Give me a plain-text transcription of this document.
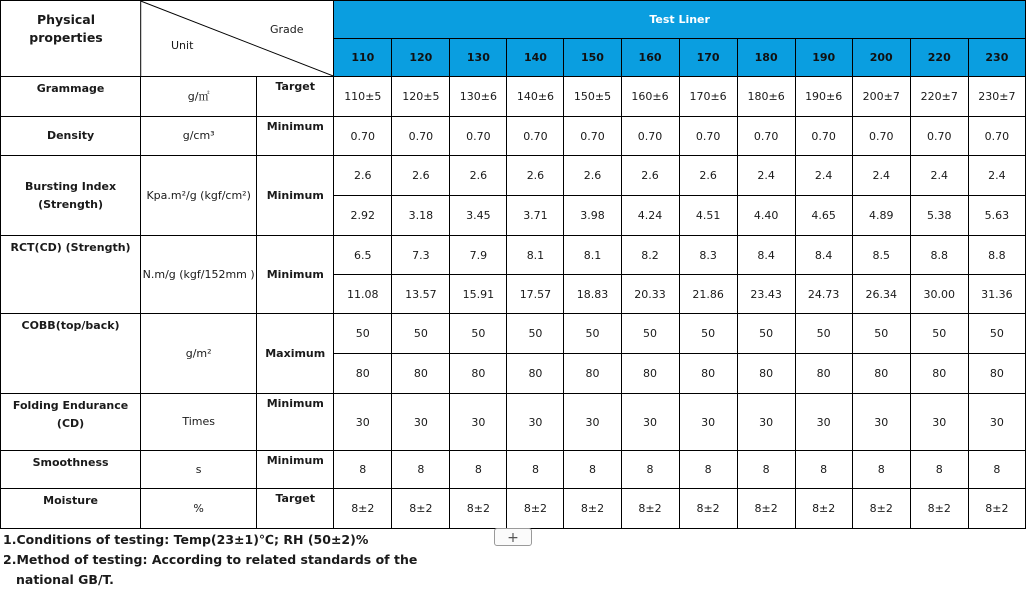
Physical properties
Unit
Grade			Test Liner											
			110	120	130	140	150	160	170	180	190	200	220	230
Grammage	g/㎡	Target	110±5	120±5	130±6	140±6	150±5	160±6	170±6	180±6	190±6	200±7	220±7	230±7
Density	g/cm³	Minimum	0.70	0.70	0.70	0.70	0.70	0.70	0.70	0.70	0.70	0.70	0.70	0.70
Bursting Index (Strength)	Kpa.m²/g (kgf/cm²)	Minimum	2.6	2.6	2.6	2.6	2.6	2.6	2.6	2.4	2.4	2.4	2.4	2.4
			2.92	3.18	3.45	3.71	3.98	4.24	4.51	4.40	4.65	4.89	5.38	5.63
RCT(CD) (Strength)	N.m/g (kgf/152mm )	Minimum	6.5	7.3	7.9	8.1	8.1	8.2	8.3	8.4	8.4	8.5	8.8	8.8
			11.08	13.57	15.91	17.57	18.83	20.33	21.86	23.43	24.73	26.34	30.00	31.36
COBB(top/back)	g/m²	Maximum	50	50	50	50	50	50	50	50	50	50	50	50
			80	80	80	80	80	80	80	80	80	80	80	80
Folding Endurance (CD)	Times	Minimum	30	30	30	30	30	30	30	30	30	30	30	30
Smoothness	s	Minimum	8	8	8	8	8	8	8	8	8	8	8	8
Moisture	%	Target	8±2	8±2	8±2	8±2	8±2	8±2	8±2	8±2	8±2	8±2	8±2	8±2
+
1.Conditions of testing: Temp(23±1)℃; RH (50±2)%
2.Method of testing: According to related standards of the
national GB/T.
